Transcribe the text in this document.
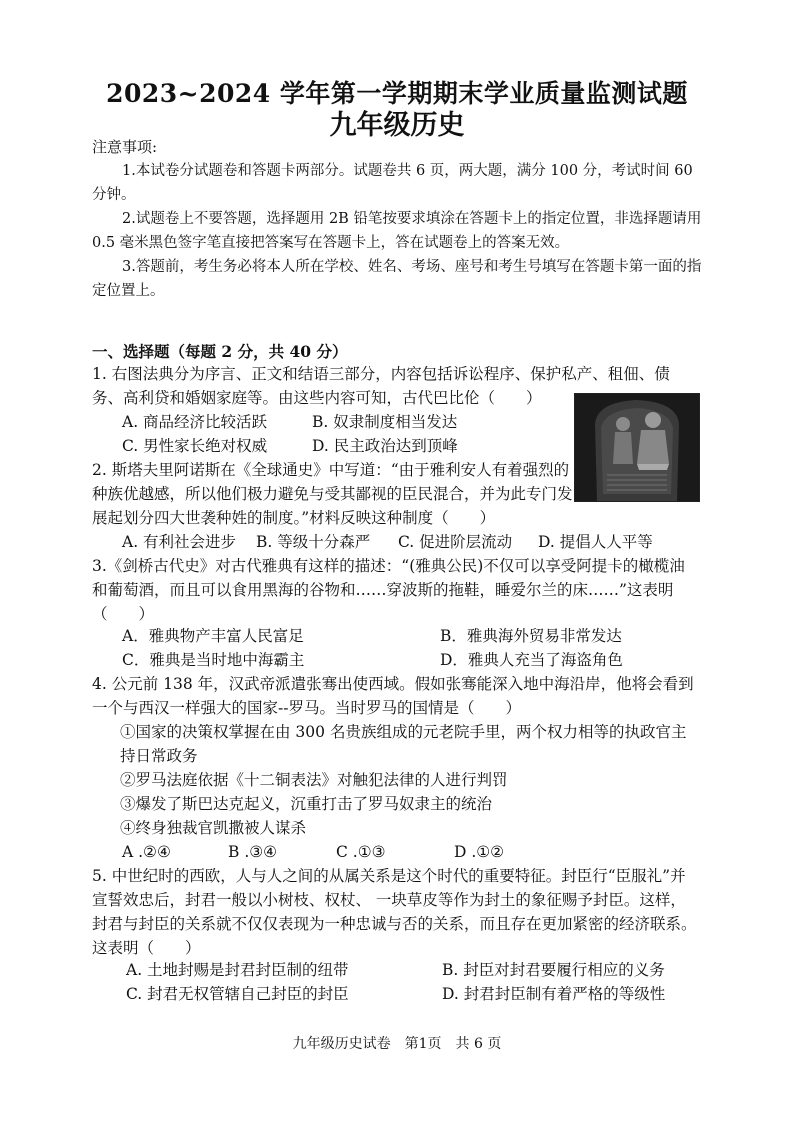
2023~2024 学年第一学期期末学业质量监测试题
九年级历史
注意事项:
1.本试卷分试题卷和答题卡两部分。试题卷共 6 页，两大题，满分 100 分，考试时间 60 分钟。
2.试题卷上不要答题，选择题用 2B 铅笔按要求填涂在答题卡上的指定位置，非选择题请用 0.5 毫米黑色签字笔直接把答案写在答题卡上，答在试题卷上的答案无效。
3.答题前，考生务必将本人所在学校、姓名、考场、座号和考生号填写在答题卡第一面的指定位置上。
一、选择题（每题 2 分，共 40 分）
1. 右图法典分为序言、正文和结语三部分，内容包括诉讼程序、保护私产、租佃、债务、高利贷和婚姻家庭等。由这些内容可知，古代巴比伦（　　）
A. 商品经济比较活跃	B. 奴隶制度相当发达
C. 男性家长绝对权威	D. 民主政治达到顶峰
2. 斯塔夫里阿诺斯在《全球通史》中写道：“由于雅利安人有着强烈的种族优越感，所以他们极力避免与受其鄙视的臣民混合，并为此专门发展起划分四大世袭种姓的制度。”材料反映这种制度（　　）
A. 有利社会进步 B. 等级十分森严 C. 促进阶层流动 D. 提倡人人平等
3.《剑桥古代史》对古代雅典有这样的描述：“(雅典公民)不仅可以享受阿提卡的橄榄油和葡萄酒，而且可以食用黑海的谷物和……穿波斯的拖鞋，睡爱尔兰的床……”这表明（　　）
A．雅典物产丰富人民富足	B．雅典海外贸易非常发达
C．雅典是当时地中海霸主	D．雅典人充当了海盗角色
4. 公元前 138 年，汉武帝派遣张骞出使西域。假如张骞能深入地中海沿岸，他将会看到一个与西汉一样强大的国家--罗马。当时罗马的国情是（　　）
①国家的决策权掌握在由 300 名贵族组成的元老院手里，两个权力相等的执政官主持日常政务
②罗马法庭依据《十二铜表法》对触犯法律的人进行判罚
③爆发了斯巴达克起义，沉重打击了罗马奴隶主的统治
④终身独裁官凯撒被人谋杀
A .②④	B .③④	C .①③	D .①②
5. 中世纪时的西欧，人与人之间的从属关系是这个时代的重要特征。封臣行“臣服礼”并宣誓效忠后，封君一般以小树枝、权杖、 一块草皮等作为封土的象征赐予封臣。这样，封君与封臣的关系就不仅仅表现为一种忠诚与否的关系，而且存在更加紧密的经济联系。这表明（　　）
A. 土地封赐是封君封臣制的纽带	B. 封臣对封君要履行相应的义务
C. 封君无权管辖自己封臣的封臣	D. 封君封臣制有着严格的等级性
九年级历史试卷　第1页　共 6 页
